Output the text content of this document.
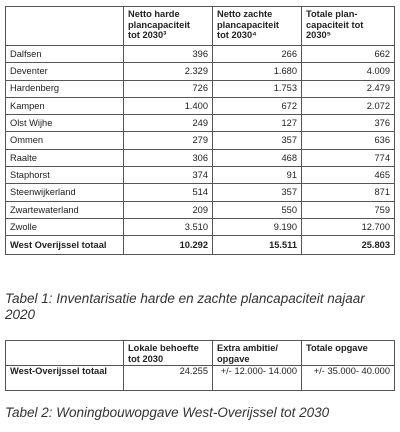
	Netto harde plancapaciteit tot 2030³	Netto zachte plancapaciteit tot 2030⁴	Totale plan-capaciteit tot 2030⁵
Dalfsen	396	266	662
Deventer	2.329	1.680	4.009
Hardenberg	726	1.753	2.479
Kampen	1.400	672	2.072
Olst Wijhe	249	127	376
Ommen	279	357	636
Raalte	306	468	774
Staphorst	374	91	465
Steenwijkerland	514	357	871
Zwartewaterland	209	550	759
Zwolle	3.510	9.190	12.700
West Overijssel totaal	10.292	15.511	25.803
Tabel 1: Inventarisatie harde en zachte plancapaciteit najaar 2020
	Lokale behoefte tot 2030	Extra ambitie/ opgave	Totale opgave
West-Overijssel totaal	24.255	+/- 12.000- 14.000	+/- 35.000- 40.000
Tabel 2: Woningbouwopgave West-Overijssel tot 2030
